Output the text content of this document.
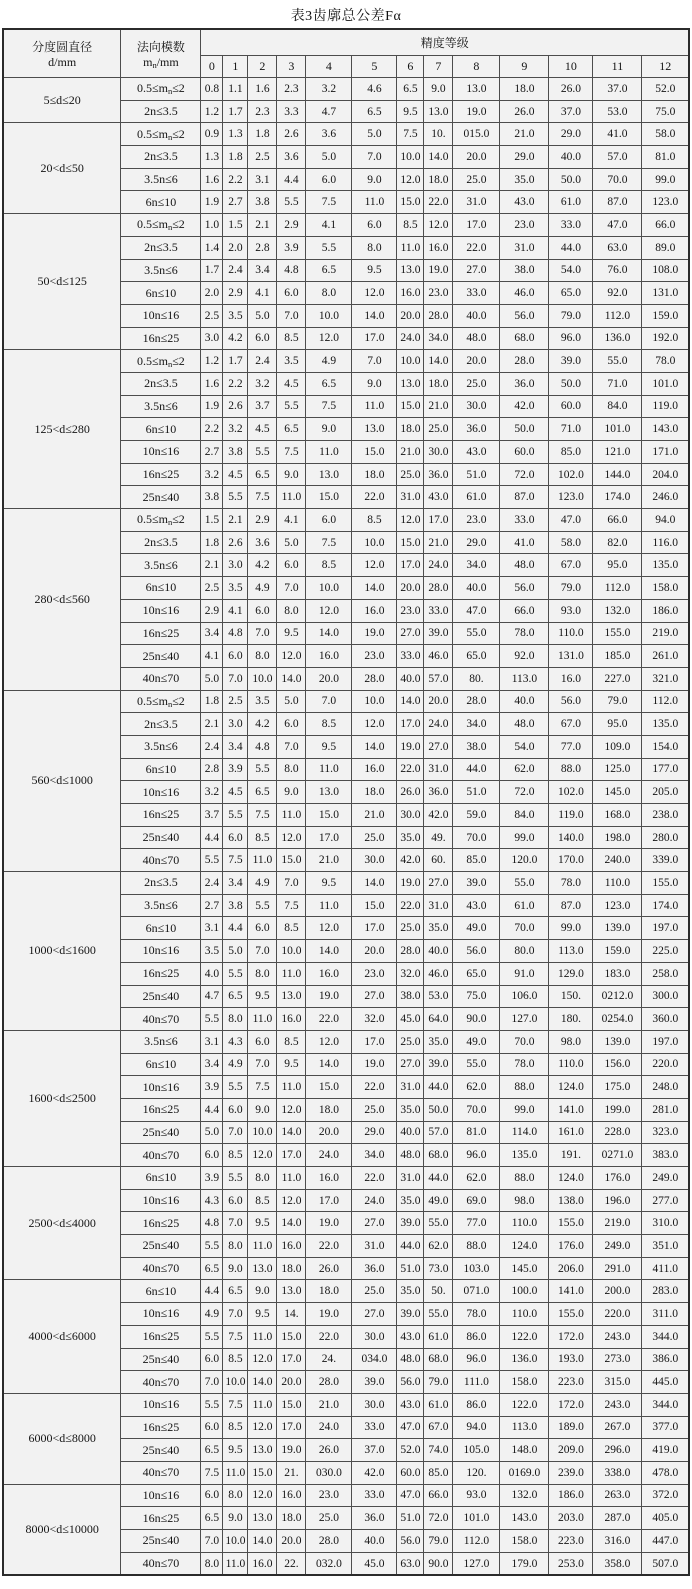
表3齿廓总公差Fα
分度圆直径
d/mm

法向模数
$m_n/mm$
	精度等级
		0	1	2	3	4	5	6	7	8	9	10	11	12
5≤d≤20	$0.5\le m_n\le 2$	0.8	1.1	1.6	2.3	3.2	4.6	6.5	9.0	13.0	18.0	26.0	37.0	52.0
	2n≤3.5	1.2	1.7	2.3	3.3	4.7	6.5	9.5	13.0	19.0	26.0	37.0	53.0	75.0
20<d≤50	$0.5\le m_n\le 2$	0.9	1.3	1.8	2.6	3.6	5.0	7.5	10.	015.0	21.0	29.0	41.0	58.0
	2n≤3.5	1.3	1.8	2.5	3.6	5.0	7.0	10.0	14.0	20.0	29.0	40.0	57.0	81.0
	3.5n≤6	1.6	2.2	3.1	4.4	6.0	9.0	12.0	18.0	25.0	35.0	50.0	70.0	99.0
	6n≤10	1.9	2.7	3.8	5.5	7.5	11.0	15.0	22.0	31.0	43.0	61.0	87.0	123.0
50<d≤125	$0.5\le m_n\le 2$	1.0	1.5	2.1	2.9	4.1	6.0	8.5	12.0	17.0	23.0	33.0	47.0	66.0
	2n≤3.5	1.4	2.0	2.8	3.9	5.5	8.0	11.0	16.0	22.0	31.0	44.0	63.0	89.0
	3.5n≤6	1.7	2.4	3.4	4.8	6.5	9.5	13.0	19.0	27.0	38.0	54.0	76.0	108.0
	6n≤10	2.0	2.9	4.1	6.0	8.0	12.0	16.0	23.0	33.0	46.0	65.0	92.0	131.0
	10n≤16	2.5	3.5	5.0	7.0	10.0	14.0	20.0	28.0	40.0	56.0	79.0	112.0	159.0
	16n≤25	3.0	4.2	6.0	8.5	12.0	17.0	24.0	34.0	48.0	68.0	96.0	136.0	192.0
125<d≤280	$0.5\le m_n\le 2$	1.2	1.7	2.4	3.5	4.9	7.0	10.0	14.0	20.0	28.0	39.0	55.0	78.0
	2n≤3.5	1.6	2.2	3.2	4.5	6.5	9.0	13.0	18.0	25.0	36.0	50.0	71.0	101.0
	3.5n≤6	1.9	2.6	3.7	5.5	7.5	11.0	15.0	21.0	30.0	42.0	60.0	84.0	119.0
	6n≤10	2.2	3.2	4.5	6.5	9.0	13.0	18.0	25.0	36.0	50.0	71.0	101.0	143.0
	10n≤16	2.7	3.8	5.5	7.5	11.0	15.0	21.0	30.0	43.0	60.0	85.0	121.0	171.0
	16n≤25	3.2	4.5	6.5	9.0	13.0	18.0	25.0	36.0	51.0	72.0	102.0	144.0	204.0
	25n≤40	3.8	5.5	7.5	11.0	15.0	22.0	31.0	43.0	61.0	87.0	123.0	174.0	246.0
280<d≤560	$0.5\le m_n\le 2$	1.5	2.1	2.9	4.1	6.0	8.5	12.0	17.0	23.0	33.0	47.0	66.0	94.0
	2n≤3.5	1.8	2.6	3.6	5.0	7.5	10.0	15.0	21.0	29.0	41.0	58.0	82.0	116.0
	3.5n≤6	2.1	3.0	4.2	6.0	8.5	12.0	17.0	24.0	34.0	48.0	67.0	95.0	135.0
	6n≤10	2.5	3.5	4.9	7.0	10.0	14.0	20.0	28.0	40.0	56.0	79.0	112.0	158.0
	10n≤16	2.9	4.1	6.0	8.0	12.0	16.0	23.0	33.0	47.0	66.0	93.0	132.0	186.0
	16n≤25	3.4	4.8	7.0	9.5	14.0	19.0	27.0	39.0	55.0	78.0	110.0	155.0	219.0
	25n≤40	4.1	6.0	8.0	12.0	16.0	23.0	33.0	46.0	65.0	92.0	131.0	185.0	261.0
	40n≤70	5.0	7.0	10.0	14.0	20.0	28.0	40.0	57.0	80.	113.0	16.0	227.0	321.0
560<d≤1000	$0.5\le m_n\le 2$	1.8	2.5	3.5	5.0	7.0	10.0	14.0	20.0	28.0	40.0	56.0	79.0	112.0
	2n≤3.5	2.1	3.0	4.2	6.0	8.5	12.0	17.0	24.0	34.0	48.0	67.0	95.0	135.0
	3.5n≤6	2.4	3.4	4.8	7.0	9.5	14.0	19.0	27.0	38.0	54.0	77.0	109.0	154.0
	6n≤10	2.8	3.9	5.5	8.0	11.0	16.0	22.0	31.0	44.0	62.0	88.0	125.0	177.0
	10n≤16	3.2	4.5	6.5	9.0	13.0	18.0	26.0	36.0	51.0	72.0	102.0	145.0	205.0
	16n≤25	3.7	5.5	7.5	11.0	15.0	21.0	30.0	42.0	59.0	84.0	119.0	168.0	238.0
	25n≤40	4.4	6.0	8.5	12.0	17.0	25.0	35.0	49.	70.0	99.0	140.0	198.0	280.0
	40n≤70	5.5	7.5	11.0	15.0	21.0	30.0	42.0	60.	85.0	120.0	170.0	240.0	339.0
1000<d≤1600	2n≤3.5	2.4	3.4	4.9	7.0	9.5	14.0	19.0	27.0	39.0	55.0	78.0	110.0	155.0
	3.5n≤6	2.7	3.8	5.5	7.5	11.0	15.0	22.0	31.0	43.0	61.0	87.0	123.0	174.0
	6n≤10	3.1	4.4	6.0	8.5	12.0	17.0	25.0	35.0	49.0	70.0	99.0	139.0	197.0
	10n≤16	3.5	5.0	7.0	10.0	14.0	20.0	28.0	40.0	56.0	80.0	113.0	159.0	225.0
	16n≤25	4.0	5.5	8.0	11.0	16.0	23.0	32.0	46.0	65.0	91.0	129.0	183.0	258.0
	25n≤40	4.7	6.5	9.5	13.0	19.0	27.0	38.0	53.0	75.0	106.0	150.	0212.0	300.0
	40n≤70	5.5	8.0	11.0	16.0	22.0	32.0	45.0	64.0	90.0	127.0	180.	0254.0	360.0
1600<d≤2500	3.5n≤6	3.1	4.3	6.0	8.5	12.0	17.0	25.0	35.0	49.0	70.0	98.0	139.0	197.0
	6n≤10	3.4	4.9	7.0	9.5	14.0	19.0	27.0	39.0	55.0	78.0	110.0	156.0	220.0
	10n≤16	3.9	5.5	7.5	11.0	15.0	22.0	31.0	44.0	62.0	88.0	124.0	175.0	248.0
	16n≤25	4.4	6.0	9.0	12.0	18.0	25.0	35.0	50.0	70.0	99.0	141.0	199.0	281.0
	25n≤40	5.0	7.0	10.0	14.0	20.0	29.0	40.0	57.0	81.0	114.0	161.0	228.0	323.0
	40n≤70	6.0	8.5	12.0	17.0	24.0	34.0	48.0	68.0	96.0	135.0	191.	0271.0	383.0
2500<d≤4000	6n≤10	3.9	5.5	8.0	11.0	16.0	22.0	31.0	44.0	62.0	88.0	124.0	176.0	249.0
	10n≤16	4.3	6.0	8.5	12.0	17.0	24.0	35.0	49.0	69.0	98.0	138.0	196.0	277.0
	16n≤25	4.8	7.0	9.5	14.0	19.0	27.0	39.0	55.0	77.0	110.0	155.0	219.0	310.0
	25n≤40	5.5	8.0	11.0	16.0	22.0	31.0	44.0	62.0	88.0	124.0	176.0	249.0	351.0
	40n≤70	6.5	9.0	13.0	18.0	26.0	36.0	51.0	73.0	103.0	145.0	206.0	291.0	411.0
4000<d≤6000	6n≤10	4.4	6.5	9.0	13.0	18.0	25.0	35.0	50.	071.0	100.0	141.0	200.0	283.0
	10n≤16	4.9	7.0	9.5	14.	19.0	27.0	39.0	55.0	78.0	110.0	155.0	220.0	311.0
	16n≤25	5.5	7.5	11.0	15.0	22.0	30.0	43.0	61.0	86.0	122.0	172.0	243.0	344.0
	25n≤40	6.0	8.5	12.0	17.0	24.	034.0	48.0	68.0	96.0	136.0	193.0	273.0	386.0
	40n≤70	7.0	10.0	14.0	20.0	28.0	39.0	56.0	79.0	111.0	158.0	223.0	315.0	445.0
6000<d≤8000	10n≤16	5.5	7.5	11.0	15.0	21.0	30.0	43.0	61.0	86.0	122.0	172.0	243.0	344.0
	16n≤25	6.0	8.5	12.0	17.0	24.0	33.0	47.0	67.0	94.0	113.0	189.0	267.0	377.0
	25n≤40	6.5	9.5	13.0	19.0	26.0	37.0	52.0	74.0	105.0	148.0	209.0	296.0	419.0
	40n≤70	7.5	11.0	15.0	21.	030.0	42.0	60.0	85.0	120.	0169.0	239.0	338.0	478.0
8000<d≤10000	10n≤16	6.0	8.0	12.0	16.0	23.0	33.0	47.0	66.0	93.0	132.0	186.0	263.0	372.0
	16n≤25	6.5	9.0	13.0	18.0	25.0	36.0	51.0	72.0	101.0	143.0	203.0	287.0	405.0
	25n≤40	7.0	10.0	14.0	20.0	28.0	40.0	56.0	79.0	112.0	158.0	223.0	316.0	447.0
	40n≤70	8.0	11.0	16.0	22.	032.0	45.0	63.0	90.0	127.0	179.0	253.0	358.0	507.0
